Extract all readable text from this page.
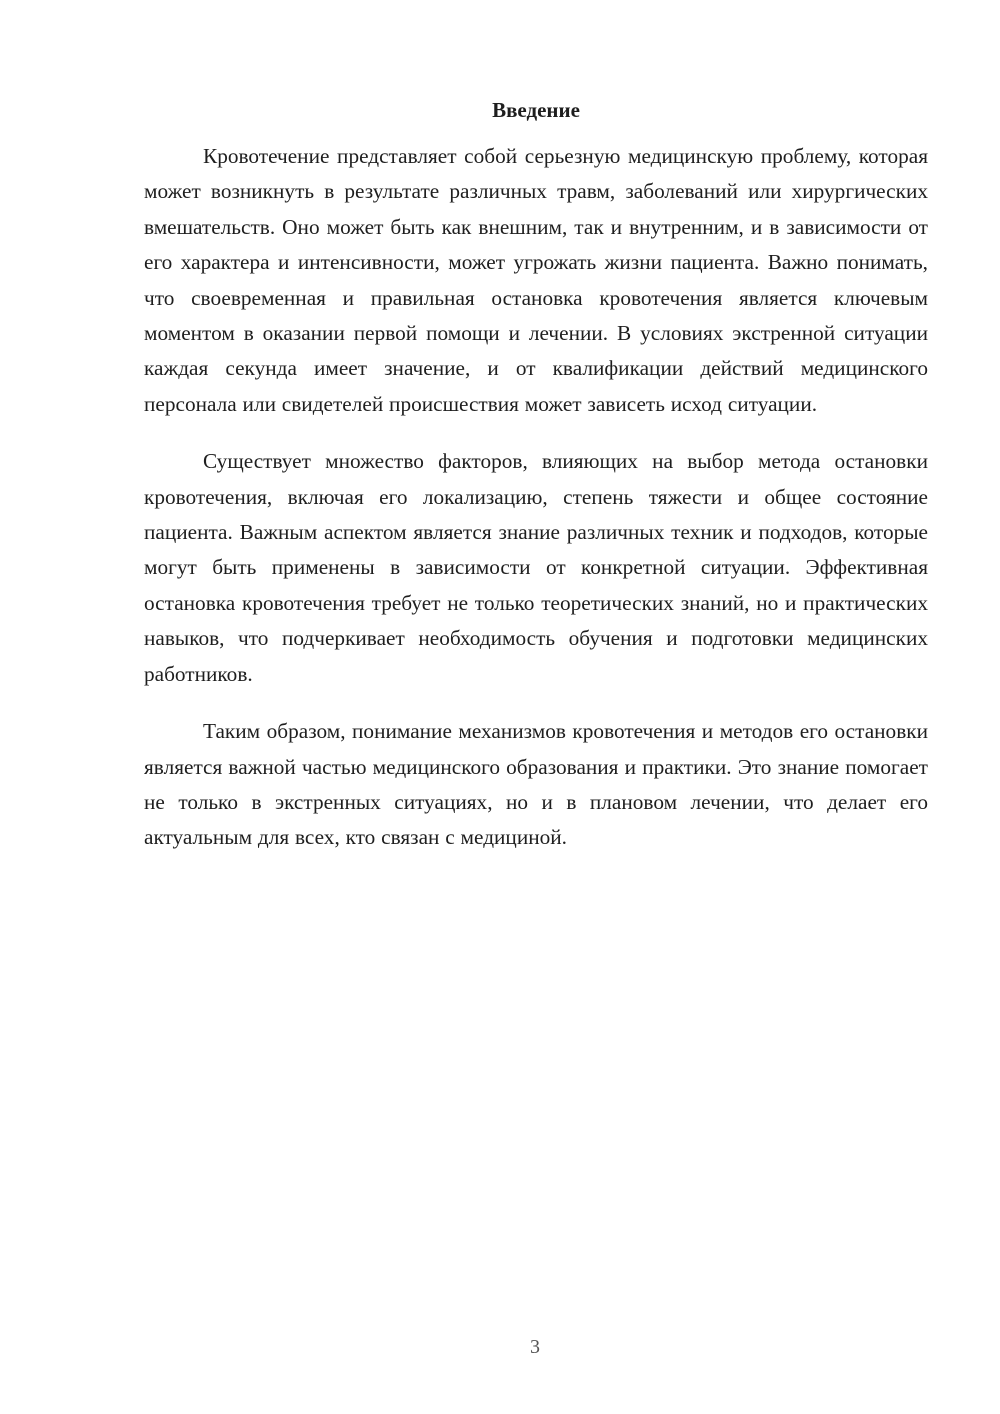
Введение

Кровотечение представляет собой серьезную медицинскую проблему, которая может возникнуть в результате различных травм, заболеваний или хирургических вмешательств. Оно может быть как внешним, так и внутренним, и в зависимости от его характера и интенсивности, может угрожать жизни пациента. Важно понимать, что своевременная и правильная остановка кровотечения является ключевым моментом в оказании первой помощи и лечении. В условиях экстренной ситуации каждая секунда имеет значение, и от квалификации действий медицинского персонала или свидетелей происшествия может зависеть исход ситуации.

Существует множество факторов, влияющих на выбор метода остановки кровотечения, включая его локализацию, степень тяжести и общее состояние пациента. Важным аспектом является знание различных техник и подходов, которые могут быть применены в зависимости от конкретной ситуации. Эффективная остановка кровотечения требует не только теоретических знаний, но и практических навыков, что подчеркивает необходимость обучения и подготовки медицинских работников.

Таким образом, понимание механизмов кровотечения и методов его остановки является важной частью медицинского образования и практики. Это знание помогает не только в экстренных ситуациях, но и в плановом лечении, что делает его актуальным для всех, кто связан с медициной.

3
